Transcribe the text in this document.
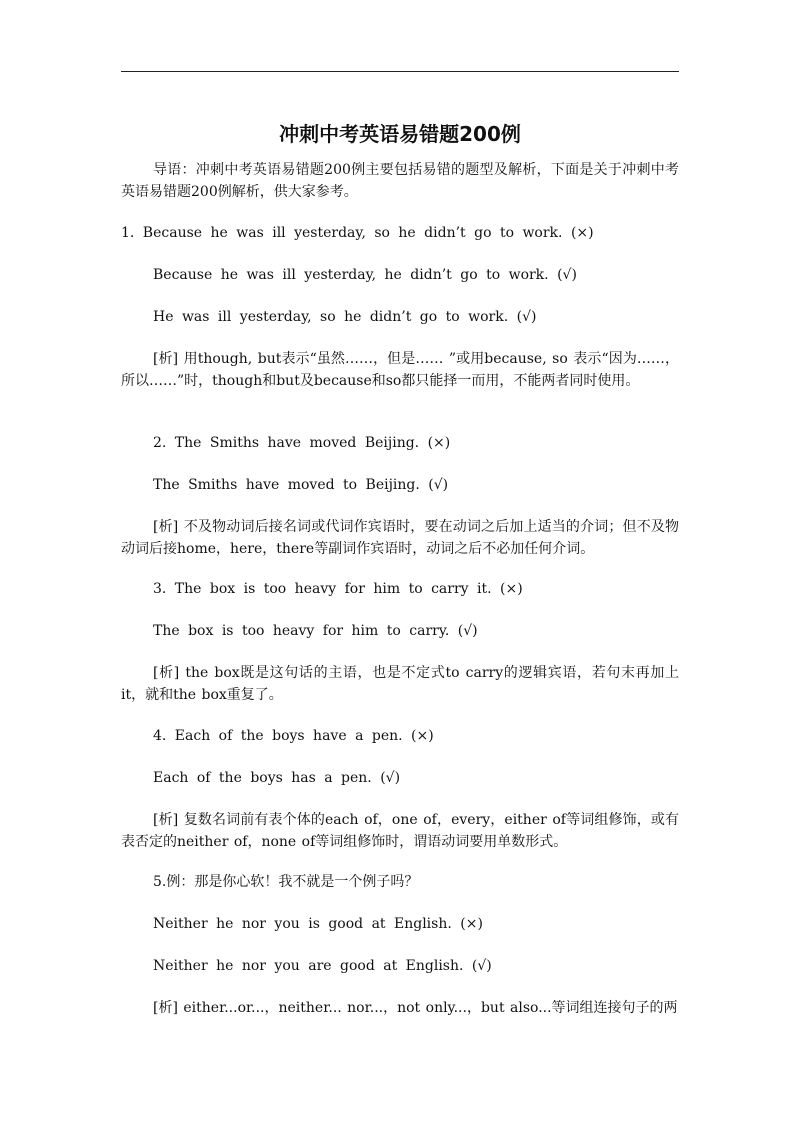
冲刺中考英语易错题200例

导语：冲刺中考英语易错题200例主要包括易错的题型及解析，下面是关于冲刺中考英语易错题200例解析，供大家参考。

1. Because he was ill yesterday, so he didn’t go to work. (×)
Because he was ill yesterday, he didn’t go to work. (√)
He was ill yesterday, so he didn’t go to work. (√)

[析] 用though, but表示“虽然……，但是…… ”或用because, so 表示“因为……，所以……”时，though和but及because和so都只能择一而用，不能两者同时使用。

2. The Smiths have moved Beijing. (×)
The Smiths have moved to Beijing. (√)

[析] 不及物动词后接名词或代词作宾语时，要在动词之后加上适当的介词；但不及物动词后接home，here，there等副词作宾语时，动词之后不必加任何介词。

3. The box is too heavy for him to carry it. (×)
The box is too heavy for him to carry. (√)

[析] the box既是这句话的主语，也是不定式to carry的逻辑宾语，若句末再加上it，就和the box重复了。

4. Each of the boys have a pen. (×)
Each of the boys has a pen. (√)

[析] 复数名词前有表个体的each of，one of，every，either of等词组修饰，或有表否定的neither of，none of等词组修饰时，谓语动词要用单数形式。

5.例：那是你心软！我不就是一个例子吗？
Neither he nor you is good at English. (×)
Neither he nor you are good at English. (√)

[析] either...or...，neither... nor...，not only...，but also...等词组连接句子的两
